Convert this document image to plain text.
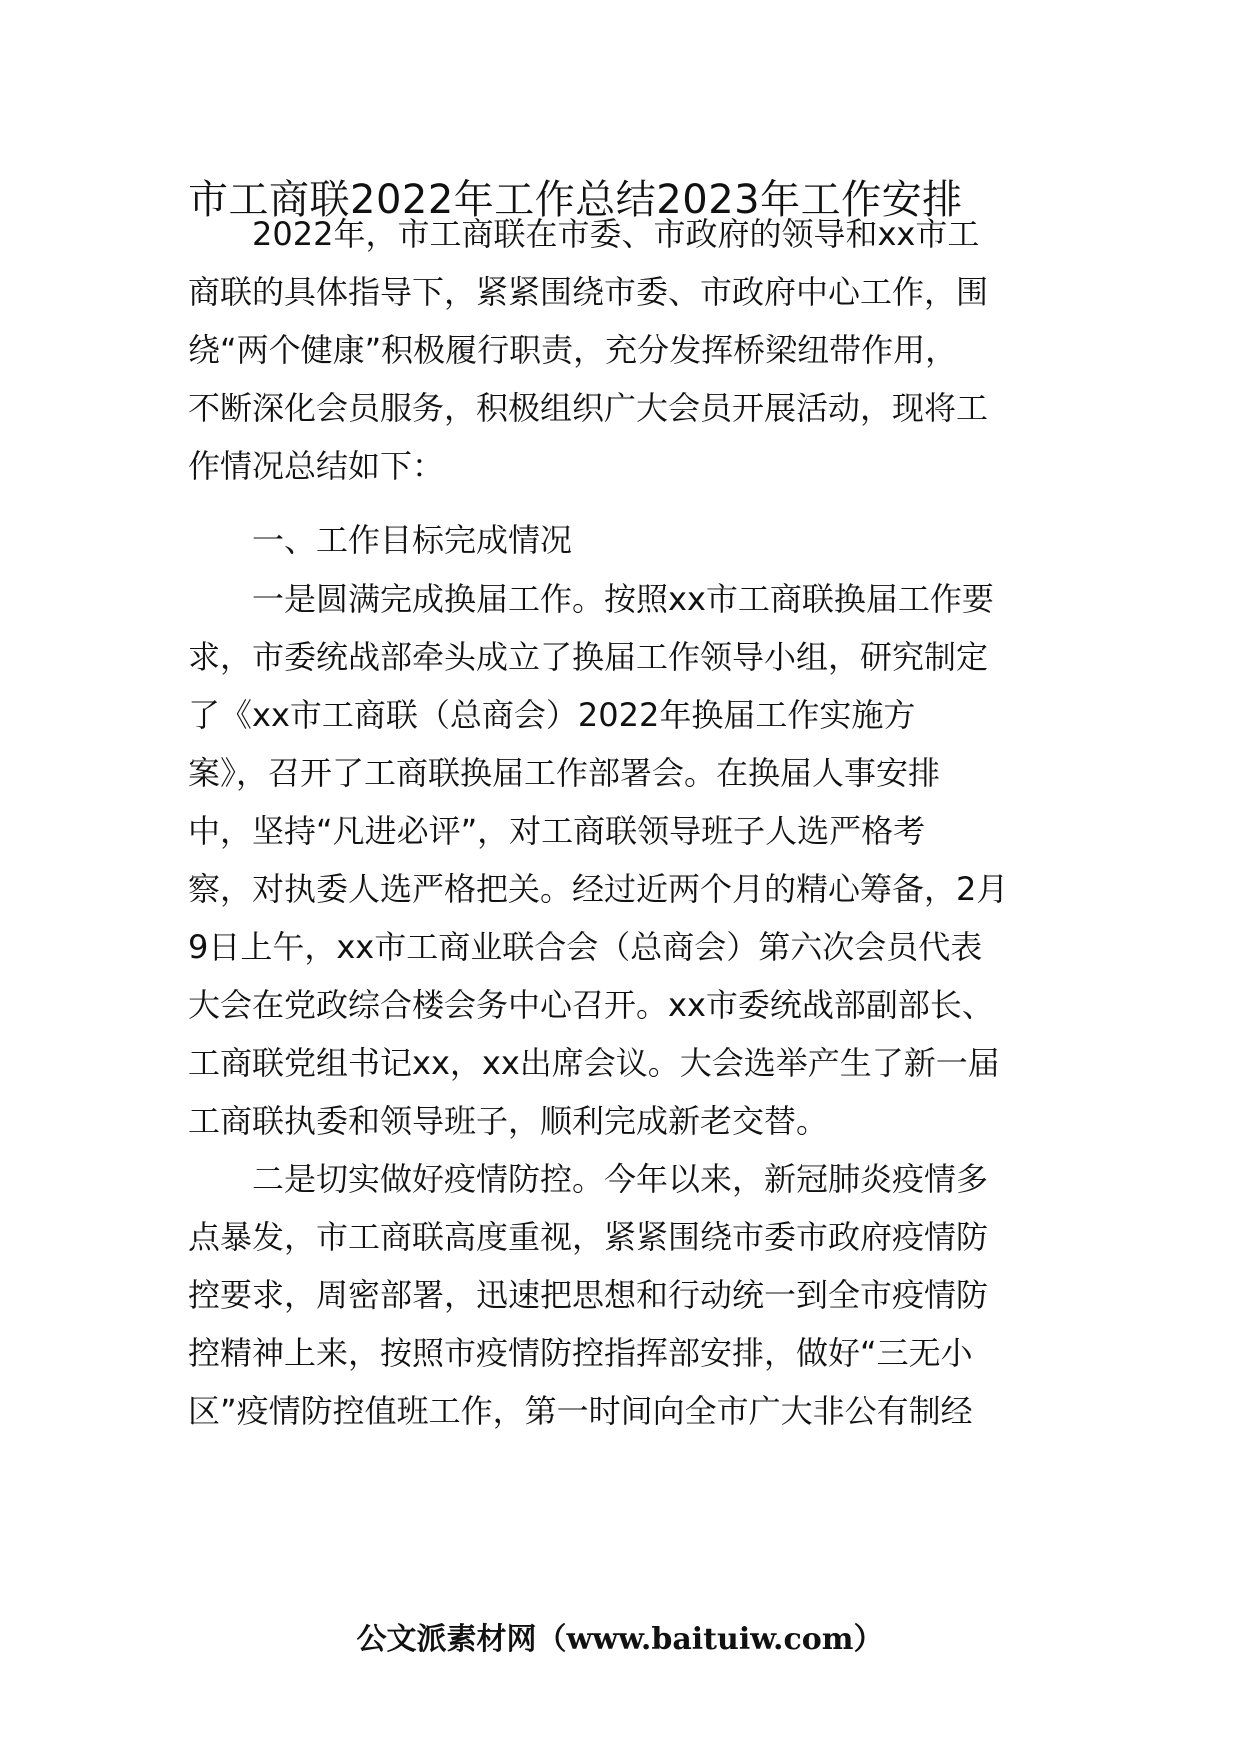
市工商联2022年工作总结2023年工作安排
　　2022年，市工商联在市委、市政府的领导和xx市工
商联的具体指导下，紧紧围绕市委、市政府中心工作，围
绕“两个健康”积极履行职责，充分发挥桥梁纽带作用，
不断深化会员服务，积极组织广大会员开展活动，现将工
作情况总结如下：
　　一、工作目标完成情况
　　一是圆满完成换届工作。按照xx市工商联换届工作要
求，市委统战部牵头成立了换届工作领导小组，研究制定
了《xx市工商联（总商会）2022年换届工作实施方
案》，召开了工商联换届工作部署会。在换届人事安排
中，坚持“凡进必评”，对工商联领导班子人选严格考
察，对执委人选严格把关。经过近两个月的精心筹备，2月
9日上午，xx市工商业联合会（总商会）第六次会员代表
大会在党政综合楼会务中心召开。xx市委统战部副部长、
工商联党组书记xx，xx出席会议。大会选举产生了新一届
工商联执委和领导班子，顺利完成新老交替。
　　二是切实做好疫情防控。今年以来，新冠肺炎疫情多
点暴发，市工商联高度重视，紧紧围绕市委市政府疫情防
控要求，周密部署，迅速把思想和行动统一到全市疫情防
控精神上来，按照市疫情防控指挥部安排，做好“三无小
区”疫情防控值班工作，第一时间向全市广大非公有制经
公文派素材网（www.baituiw.com）
